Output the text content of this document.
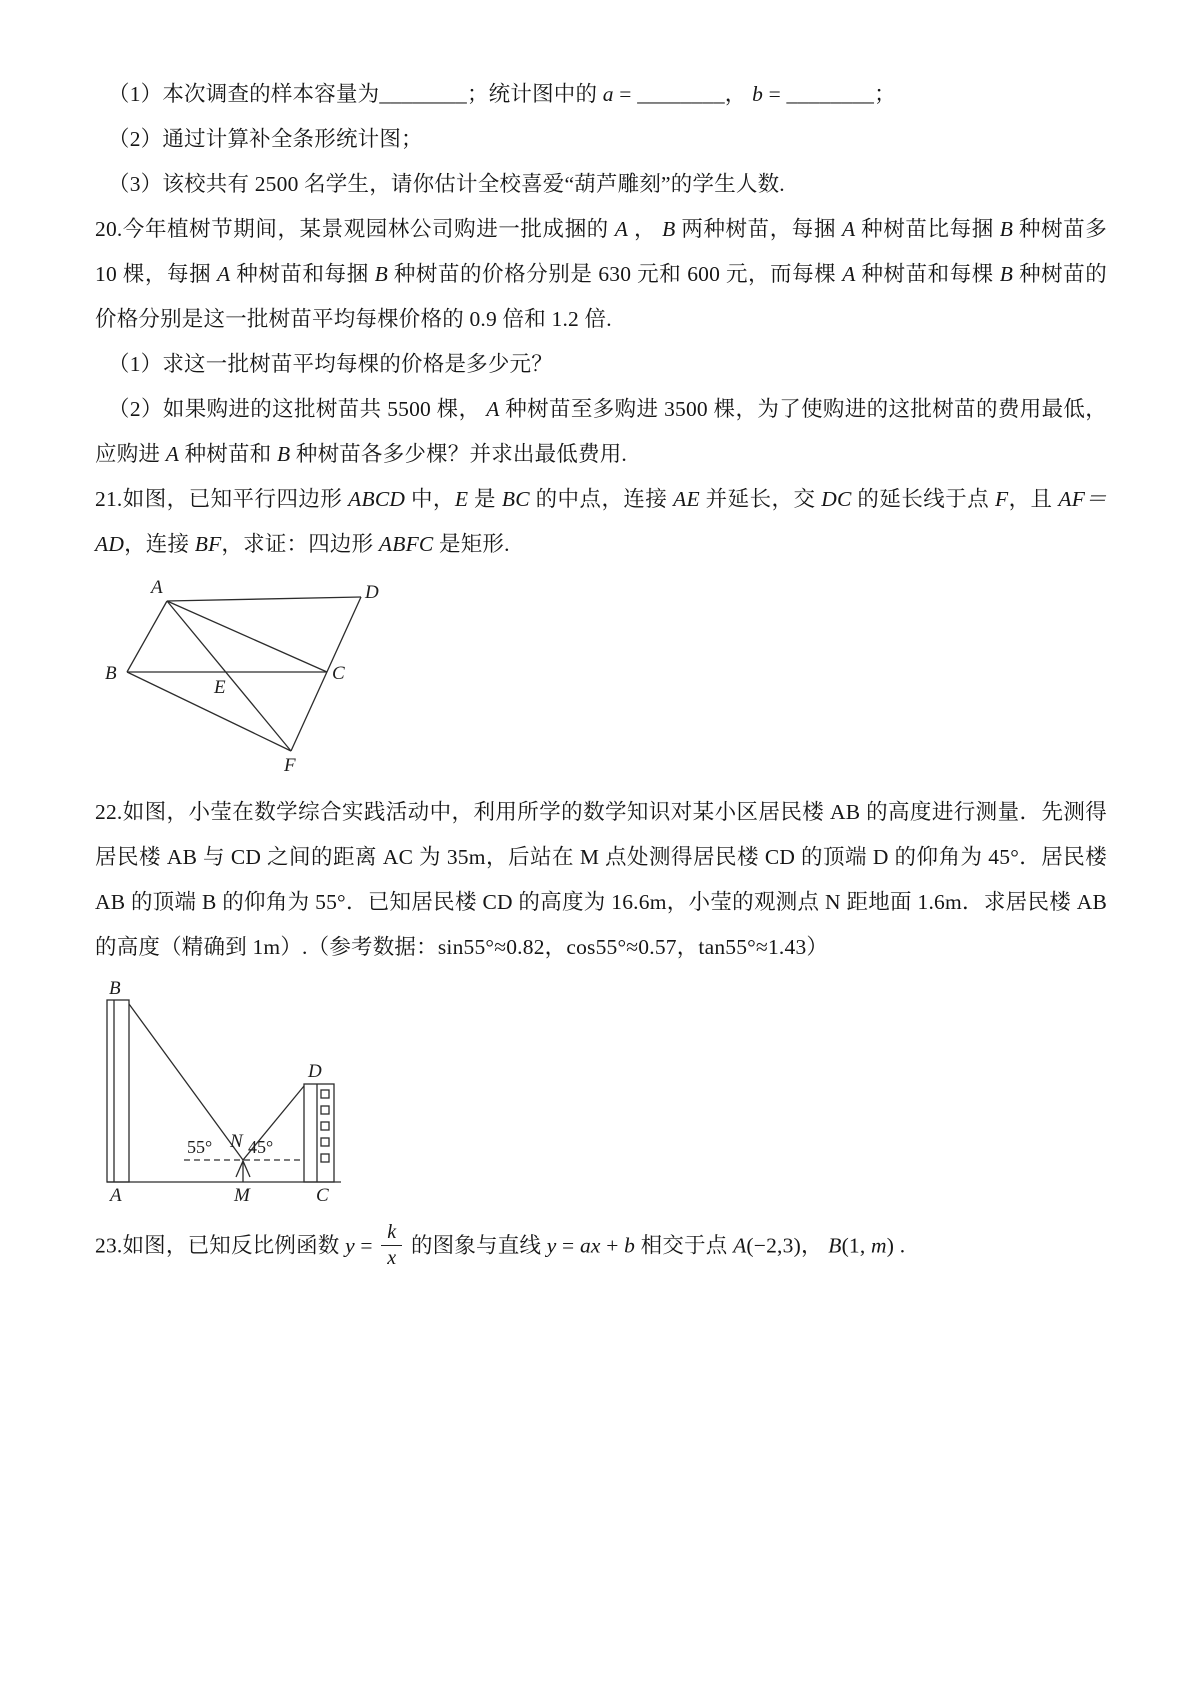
（1）本次调查的样本容量为________；统计图中的 a = ________， b = ________；

（2）通过计算补全条形统计图；

（3）该校共有 2500 名学生，请你估计全校喜爱“葫芦雕刻”的学生人数.

20.今年植树节期间，某景观园林公司购进一批成捆的 A ， B 两种树苗，每捆 A 种树苗比每捆 B 种树苗多 10 棵，每捆 A 种树苗和每捆 B 种树苗的价格分别是 630 元和 600 元，而每棵 A 种树苗和每棵 B 种树苗的价格分别是这一批树苗平均每棵价格的 0.9 倍和 1.2 倍.

（1）求这一批树苗平均每棵的价格是多少元？

（2）如果购进的这批树苗共 5500 棵， A 种树苗至多购进 3500 棵，为了使购进的这批树苗的费用最低，应购进 A 种树苗和 B 种树苗各多少棵？并求出最低费用.

21.如图，已知平行四边形 ABCD 中，E 是 BC 的中点，连接 AE 并延长，交 DC 的延长线于点 F，且 AF＝AD，连接 BF，求证：四边形 ABFC 是矩形.

A	D
B	C
E
F

22.如图，小莹在数学综合实践活动中，利用所学的数学知识对某小区居民楼 AB 的高度进行测量．先测得居民楼 AB 与 CD 之间的距离 AC 为 35m，后站在 M 点处测得居民楼 CD 的顶端 D 的仰角为 45°．居民楼 AB 的顶端 B 的仰角为 55°．已知居民楼 CD 的高度为 16.6m，小莹的观测点 N 距地面 1.6m．求居民楼 AB 的高度（精确到 1m）.（参考数据：sin55°≈0.82，cos55°≈0.57，tan55°≈1.43）

B
D
55° N 45°
A	M	C

23.如图，已知反比例函数 $y = \frac{k}{x}$ 的图象与直线 y = ax + b 相交于点 A(−2,3)， B(1, m) .
